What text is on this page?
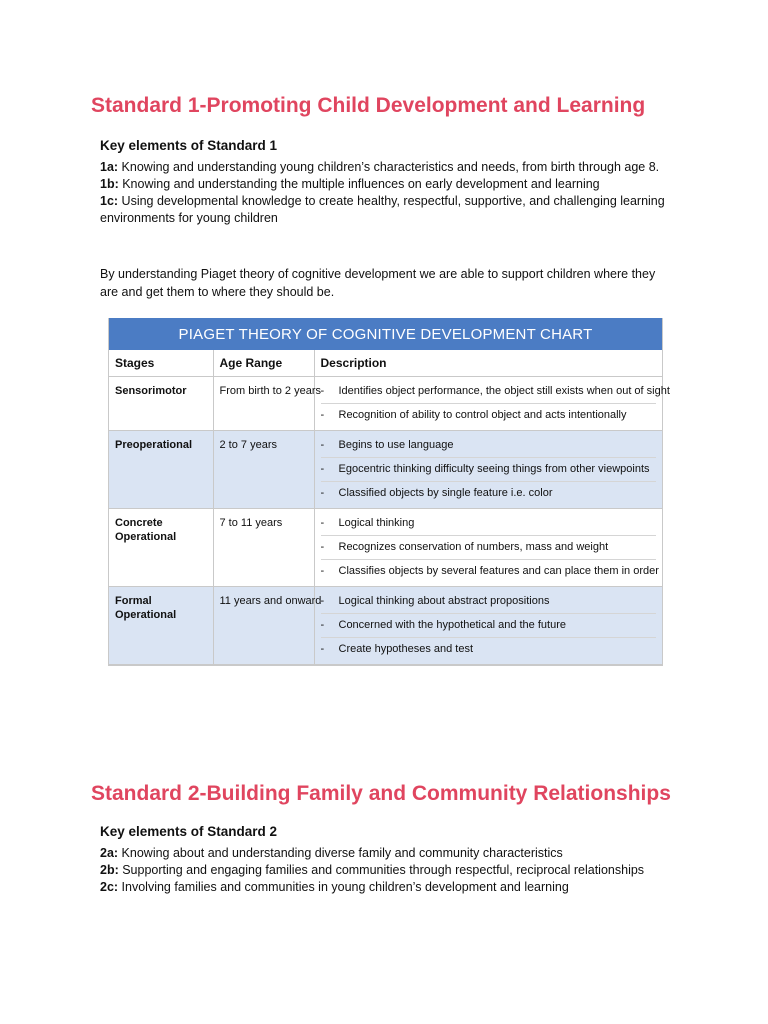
Standard 1-Promoting Child Development and Learning
Key elements of Standard 1

1a: Knowing and understanding young children’s characteristics and needs, from birth through age 8.

1b: Knowing and understanding the multiple influences on early development and learning

1c: Using developmental knowledge to create healthy, respectful, supportive, and challenging learning environments for young children

By understanding Piaget theory of cognitive development we are able to support children where they are and get them to where they should be.

PIAGET THEORY OF COGNITIVE DEVELOPMENT CHART
Stages	Age Range	Description
Sensorimotor	From birth to 2 years	- Identifies object performance, the object still exists when out of sight
- Recognition of ability to control object and acts intentionally

Preoperational	2 to 7 years	- Begins to use language
- Egocentric thinking difficulty seeing things from other viewpoints
- Classified objects by single feature i.e. color

Concrete Operational	7 to 11 years	- Logical thinking
- Recognizes conservation of numbers, mass and weight
- Classifies objects by several features and can place them in order

Formal Operational	11 years and onward	- Logical thinking about abstract propositions
- Concerned with the hypothetical and the future
- Create hypotheses and test
Standard 2-Building Family and Community Relationships
Key elements of Standard 2

2a: Knowing about and understanding diverse family and community characteristics

2b: Supporting and engaging families and communities through respectful, reciprocal relationships

2c: Involving families and communities in young children’s development and learning
